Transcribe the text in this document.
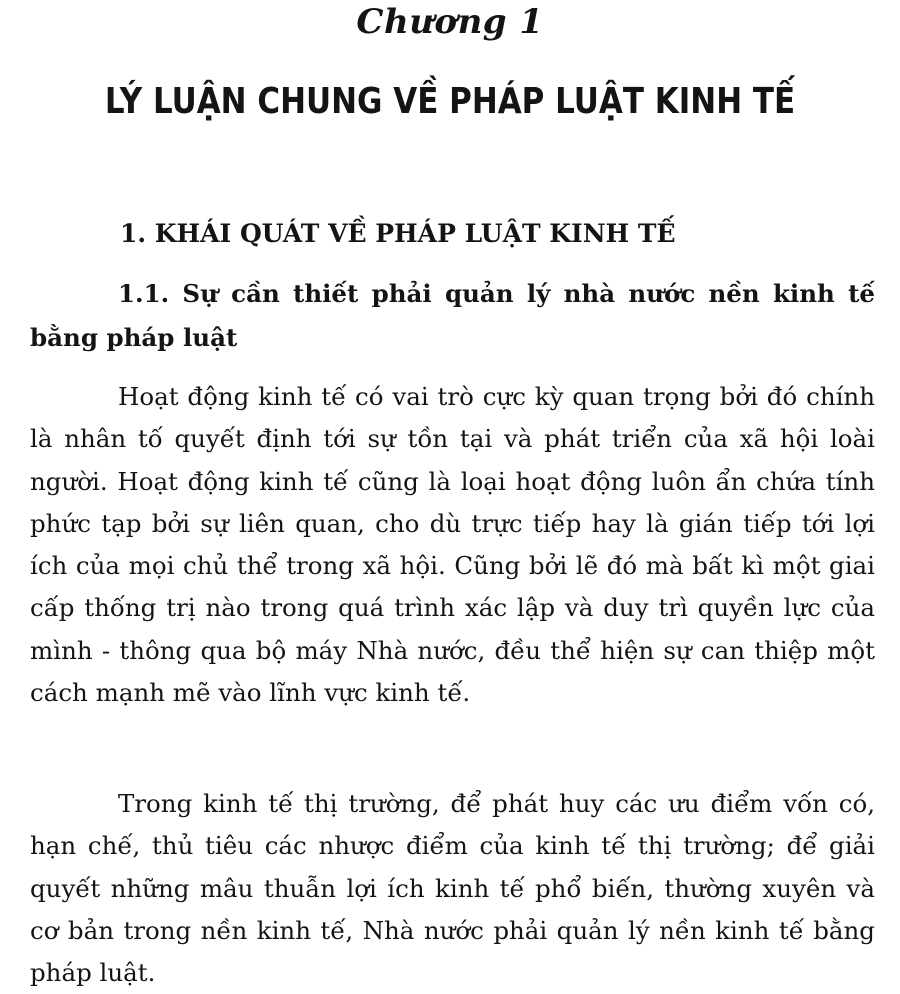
Chương 1
LÝ LUẬN CHUNG VỀ PHÁP LUẬT KINH TẾ
1. KHÁI QUÁT VỀ PHÁP LUẬT KINH TẾ

1.1. Sự cần thiết phải quản lý nhà nước nền kinh tế bằng pháp luật

Hoạt động kinh tế có vai trò cực kỳ quan trọng bởi đó chính là nhân tố quyết định tới sự tồn tại và phát triển của xã hội loài người. Hoạt động kinh tế cũng là loại hoạt động luôn ẩn chứa tính phức tạp bởi sự liên quan, cho dù trực tiếp hay là gián tiếp tới lợi ích của mọi chủ thể trong xã hội. Cũng bởi lẽ đó mà bất kì một giai cấp thống trị nào trong quá trình xác lập và duy trì quyền lực của mình - thông qua bộ máy Nhà nước, đều thể hiện sự can thiệp một cách mạnh mẽ vào lĩnh vực kinh tế.

Trong kinh tế thị trường, để phát huy các ưu điểm vốn có, hạn chế, thủ tiêu các nhược điểm của kinh tế thị trường; để giải quyết những mâu thuẫn lợi ích kinh tế phổ biến, thường xuyên và cơ bản trong nền kinh tế, Nhà nước phải quản lý nền kinh tế bằng pháp luật.
